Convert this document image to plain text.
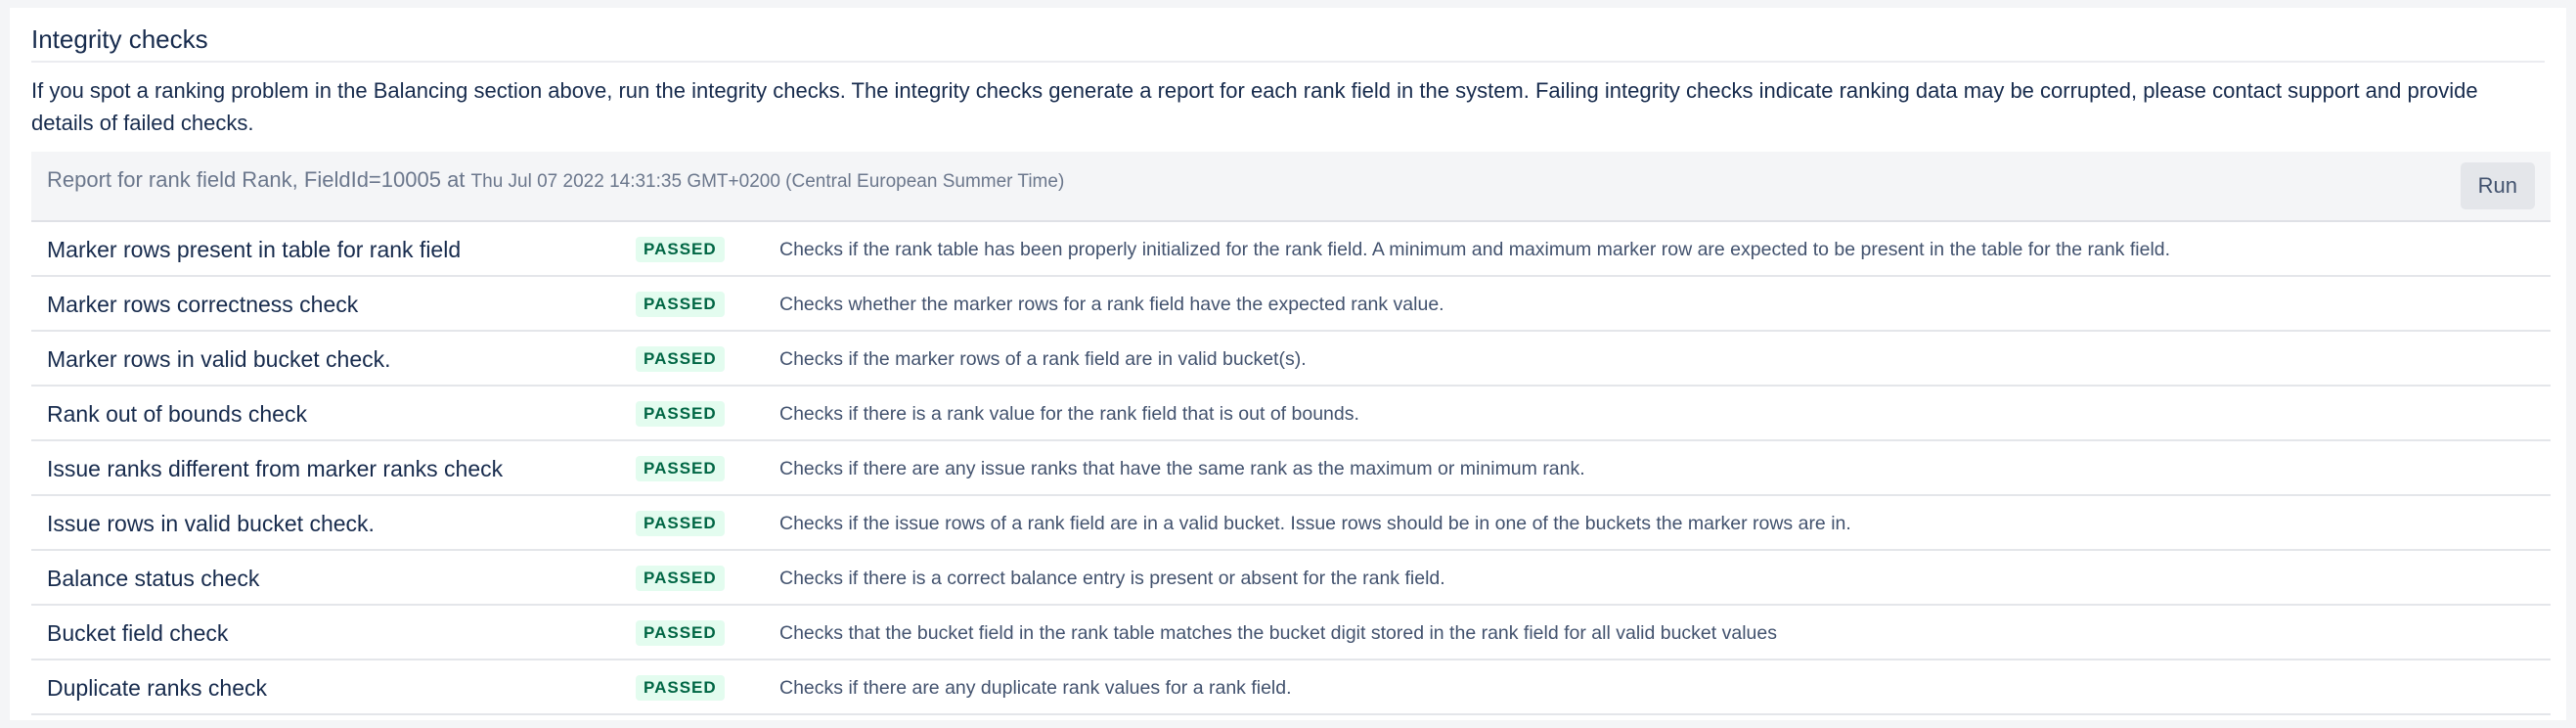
Integrity checks

If you spot a ranking problem in the Balancing section above, run the integrity checks. The integrity checks generate a report for each rank field in the system. Failing integrity checks indicate ranking data may be corrupted, please contact support and provide details of failed checks.

Report for rank field Rank, FieldId=10005 at Thu Jul 07 2022 14:31:35 GMT+0200 (Central European Summer Time)	Run
Marker rows present in table for rank field	PASSED	Checks if the rank table has been properly initialized for the rank field. A minimum and maximum marker row are expected to be present in the table for the rank field.
Marker rows correctness check	PASSED	Checks whether the marker rows for a rank field have the expected rank value.
Marker rows in valid bucket check.	PASSED	Checks if the marker rows of a rank field are in valid bucket(s).
Rank out of bounds check	PASSED	Checks if there is a rank value for the rank field that is out of bounds.
Issue ranks different from marker ranks check	PASSED	Checks if there are any issue ranks that have the same rank as the maximum or minimum rank.
Issue rows in valid bucket check.	PASSED	Checks if the issue rows of a rank field are in a valid bucket. Issue rows should be in one of the buckets the marker rows are in.
Balance status check	PASSED	Checks if there is a correct balance entry is present or absent for the rank field.
Bucket field check	PASSED	Checks that the bucket field in the rank table matches the bucket digit stored in the rank field for all valid bucket values
Duplicate ranks check	PASSED	Checks if there are any duplicate rank values for a rank field.
